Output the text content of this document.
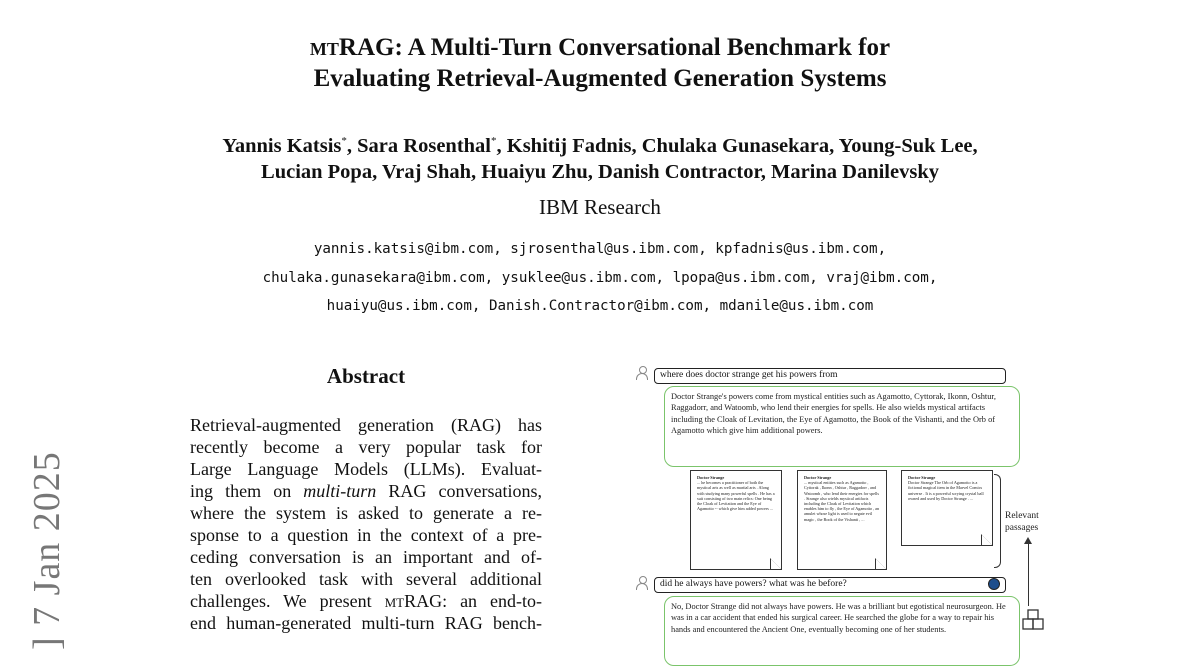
mtRAG: A Multi-Turn Conversational Benchmark for
Evaluating Retrieval-Augmented Generation Systems
Yannis Katsis*, Sara Rosenthal*, Kshitij Fadnis, Chulaka Gunasekara, Young-Suk Lee,
Lucian Popa, Vraj Shah, Huaiyu Zhu, Danish Contractor, Marina Danilevsky
IBM Research
yannis.katsis@ibm.com, sjrosenthal@us.ibm.com, kpfadnis@us.ibm.com,
chulaka.gunasekara@ibm.com, ysuklee@us.ibm.com, lpopa@us.ibm.com, vraj@ibm.com,
huaiyu@us.ibm.com, Danish.Contractor@ibm.com, mdanile@us.ibm.com
] 7 Jan 2025
Abstract
Retrieval-augmented generation (RAG) has
recently become a very popular task for
Large Language Models (LLMs). Evaluat-
ing them on multi-turn RAG conversations,
where the system is asked to generate a re-
sponse to a question in the context of a pre-
ceding conversation is an important and of-
ten overlooked task with several additional
challenges. We present mtRAG: an end-to-
end human-generated multi-turn RAG bench-
where does doctor strange get his powers from
Doctor Strange's powers come from mystical entities such as Agamotto, Cyttorak, Ikonn, Oshtur, Raggadorr, and Watoomb, who lend their energies for spells. He also wields mystical artifacts including the Cloak of Levitation, the Eye of Agamotto, the Book of the Vishanti, and the Orb of Agamotto which give him additional powers.
Doctor Strange
... he becomes a practitioner of both the mystical arts as well as martial arts . Along with studying many powerful spells . He has a suit consisting of two main relics: One being the Cloak of Levitation and the Eye of Agamotto -- which give him added powers ...
Doctor Strange
... mystical entities such as Agamotto , Cyttorak , Ikonn , Oshtur , Raggadorr , and Watoomb , who lend their energies for spells . Strange also wields mystical artifacts including the Cloak of Levitation which enables him to fly , the Eye of Agamotto , an amulet whose light is used to negate evil magic , the Book of the Vishanti , ...
Doctor Strange
Doctor Strange The Orb of Agamotto is a fictional magical item in the Marvel Comics universe . It is a powerful scrying crystal ball owned and used by Doctor Strange . ...
Relevant
passages
did he always have powers? what was he before?
No, Doctor Strange did not always have powers. He was a brilliant but egotistical neurosurgeon. He was in a car accident that ended his surgical career. He searched the globe for a way to repair his hands and encountered the Ancient One, eventually becoming one of her students.
